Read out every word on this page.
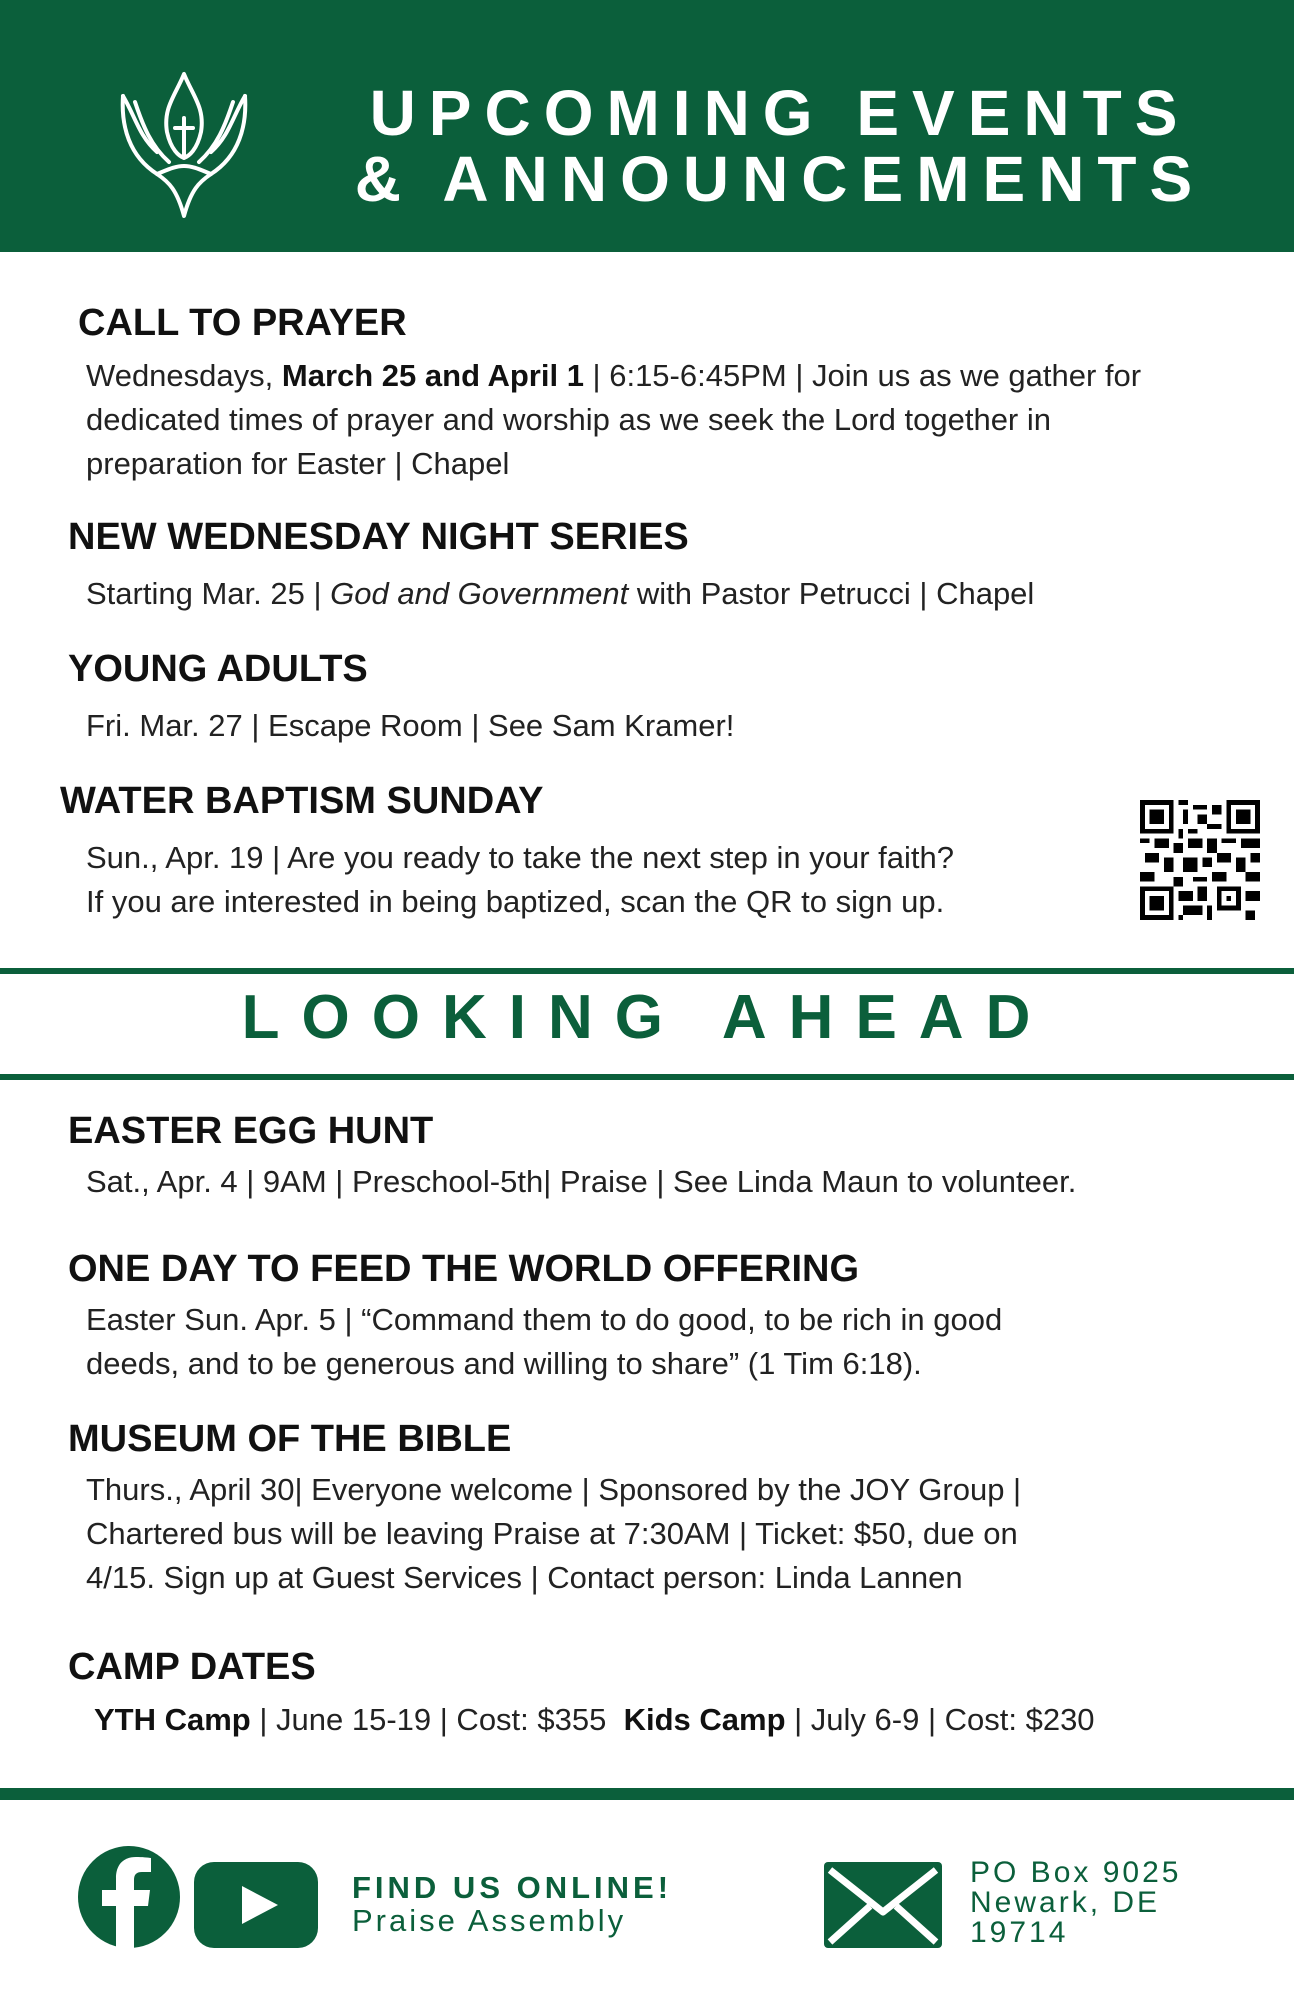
UPCOMING EVENTS
& ANNOUNCEMENTS
CALL TO PRAYER
Wednesdays, March 25 and April 1 | 6:15-6:45PM | Join us as we gather for
dedicated times of prayer and worship as we seek the Lord together in
preparation for Easter | Chapel
NEW WEDNESDAY NIGHT SERIES
Starting Mar. 25 | God and Government with Pastor Petrucci | Chapel
YOUNG ADULTS
Fri. Mar. 27 | Escape Room | See Sam Kramer!
WATER BAPTISM SUNDAY
Sun., Apr. 19 | Are you ready to take the next step in your faith?
If you are interested in being baptized, scan the QR to sign up.
LOOKING AHEAD
EASTER EGG HUNT
Sat., Apr. 4 | 9AM | Preschool-5th| Praise | See Linda Maun to volunteer.
ONE DAY TO FEED THE WORLD OFFERING
Easter Sun. Apr. 5 | “Command them to do good, to be rich in good
deeds, and to be generous and willing to share” (1 Tim 6:18).
MUSEUM OF THE BIBLE
Thurs., April 30| Everyone welcome | Sponsored by the JOY Group |
Chartered bus will be leaving Praise at 7:30AM | Ticket: $50, due on
4/15. Sign up at Guest Services | Contact person: Linda Lannen
CAMP DATES
YTH Camp | June 15-19 | Cost: $355  Kids Camp | July 6-9 | Cost: $230
FIND US ONLINE!
Praise Assembly
PO Box 9025
Newark, DE
19714
